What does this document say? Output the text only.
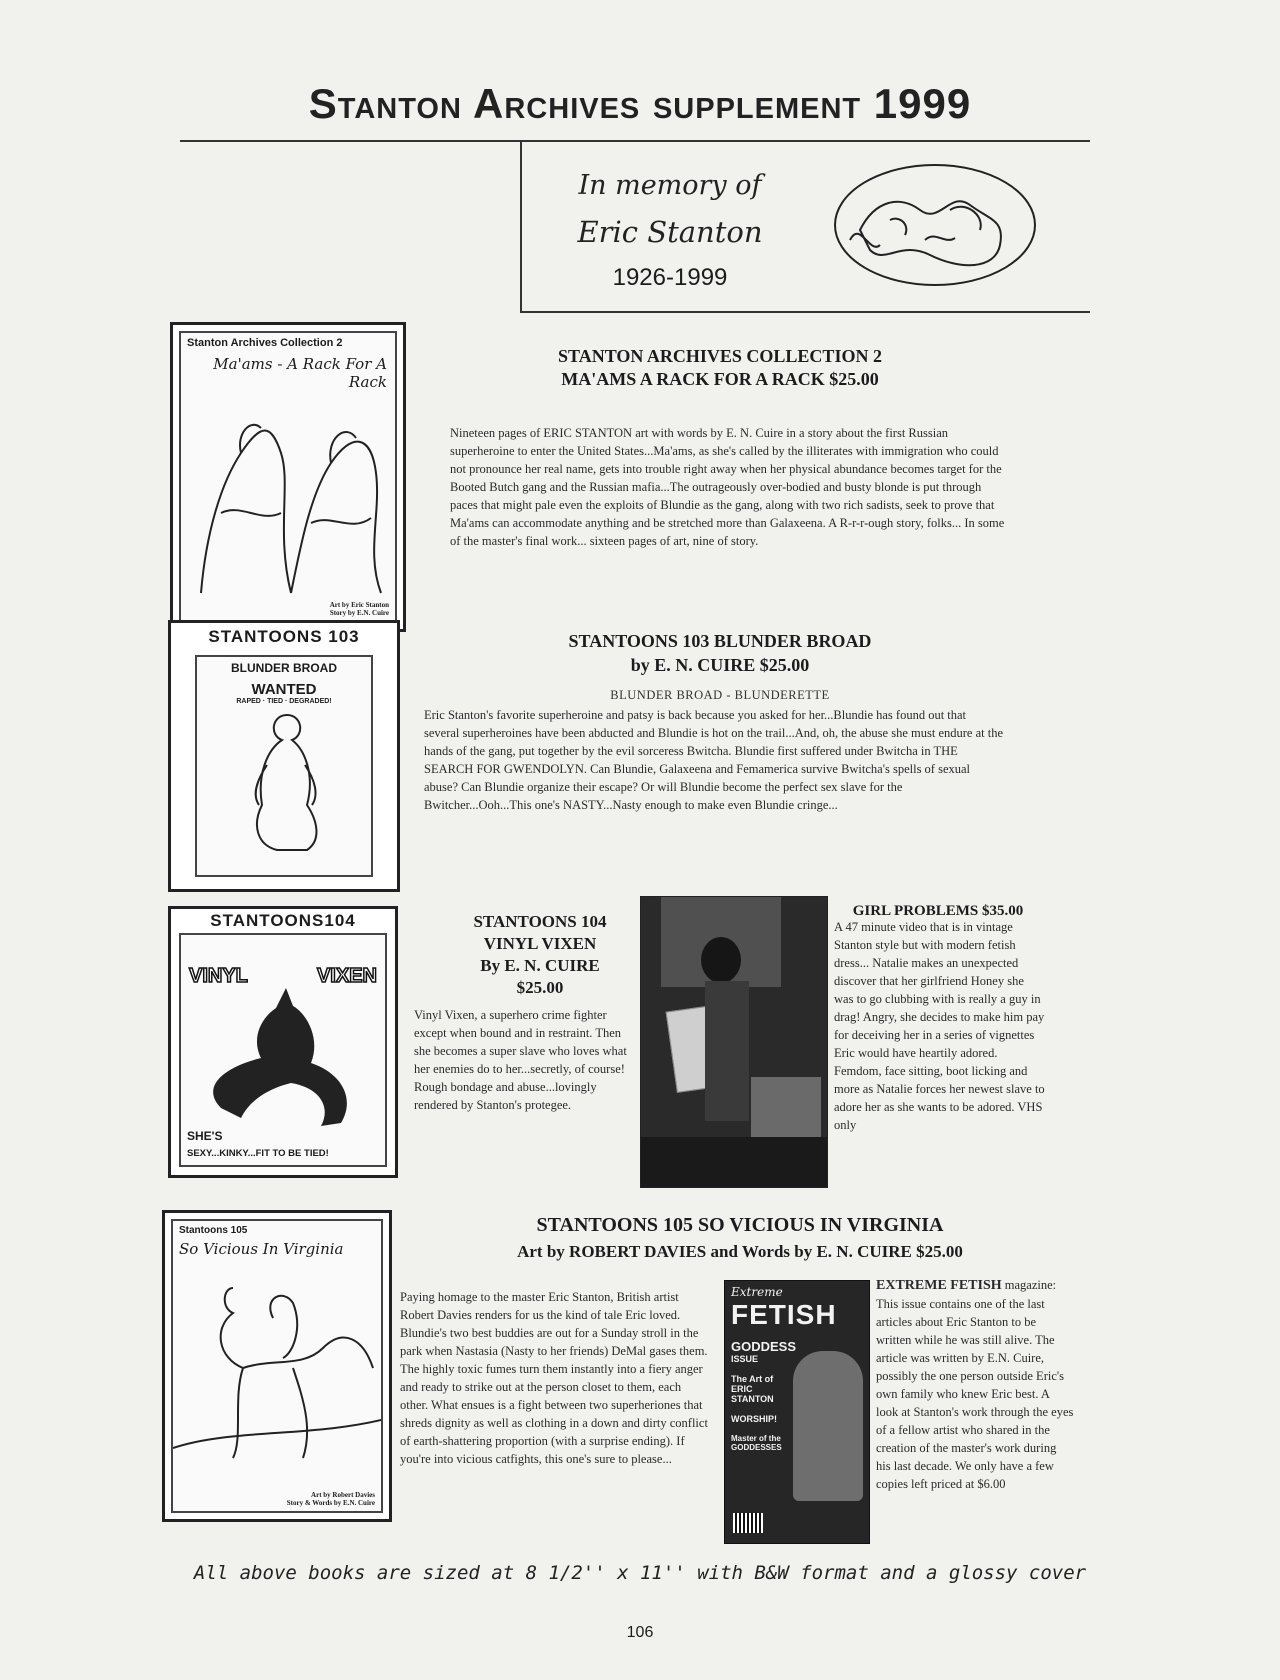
Stanton Archives supplement 1999
In memory of
Eric Stanton
1926-1999
Stanton Archives Collection 2
Ma'ams - A Rack For A Rack
Art by Eric Stanton
Story by E.N. Cuire
STANTON ARCHIVES COLLECTION 2
MA'AMS A RACK FOR A RACK $25.00
Nineteen pages of ERIC STANTON art with words by E. N. Cuire in a story about the first Russian superheroine to enter the United States...Ma'ams, as she's called by the illiterates with immigration who could not pronounce her real name, gets into trouble right away when her physical abundance becomes target for the Booted Butch gang and the Russian mafia...The outrageously over-bodied and busty blonde is put through paces that might pale even the exploits of Blundie as the gang, along with two rich sadists, seek to prove that Ma'ams can accommodate anything and be stretched more than Galaxeena. A R-r-r-ough story, folks... In some of the master's final work... sixteen pages of art, nine of story.
STANTOONS 103
BLUNDER BROAD
WANTED
RAPED · TIED · DEGRADED!
STANTOONS 103 BLUNDER BROAD
by E. N. CUIRE $25.00
BLUNDER BROAD - BLUNDERETTE
Eric Stanton's favorite superheroine and patsy is back because you asked for her...Blundie has found out that several superheroines have been abducted and Blundie is hot on the trail...And, oh, the abuse she must endure at the hands of the gang, put together by the evil sorceress Bwitcha. Blundie first suffered under Bwitcha in THE SEARCH FOR GWENDOLYN. Can Blundie, Galaxeena and Femamerica survive Bwitcha's spells of sexual abuse? Can Blundie organize their escape? Or will Blundie become the perfect sex slave for the Bwitcher...Ooh...This one's NASTY...Nasty enough to make even Blundie cringe...
STANTOONS104
VINYL	VIXEN
SHE'S
SEXY...KINKY...FIT TO BE TIED!
STANTOONS 104
VINYL VIXEN
By E. N. CUIRE
$25.00
Vinyl Vixen, a superhero crime fighter except when bound and in restraint. Then she becomes a super slave who loves what her enemies do to her...secretly, of course! Rough bondage and abuse...lovingly rendered by Stanton's protegee.
GIRL PROBLEMS $35.00
A 47 minute video that is in vintage Stanton style but with modern fetish dress... Natalie makes an unexpected discover that her girlfriend Honey she was to go clubbing with is really a guy in drag! Angry, she decides to make him pay for deceiving her in a series of vignettes Eric would have heartily adored. Femdom, face sitting, boot licking and more as Natalie forces her newest slave to adore her as she wants to be adored. VHS only
Stantoons 105
So Vicious In Virginia
Art by Robert Davies
Story & Words by E.N. Cuire
STANTOONS 105 SO VICIOUS IN VIRGINIA
Art by ROBERT DAVIES and Words by E. N. CUIRE $25.00
Paying homage to the master Eric Stanton, British artist Robert Davies renders for us the kind of tale Eric loved. Blundie's two best buddies are out for a Sunday stroll in the park when Nastasia (Nasty to her friends) DeMal gases them. The highly toxic fumes turn them instantly into a fiery anger and ready to strike out at the person closet to them, each other. What ensues is a fight between two superheriones that shreds dignity as well as clothing in a down and dirty conflict of earth-shattering proportion (with a surprise ending). If you're into vicious catfights, this one's sure to please...
Extreme
FETISH
GODDESS
ISSUE
The Art of ERIC STANTON
WORSHIP!
Master of the GODDESSES
EXTREME FETISH magazine: This issue contains one of the last articles about Eric Stanton to be written while he was still alive. The article was written by E.N. Cuire, possibly the one person outside Eric's own family who knew Eric best. A look at Stanton's work through the eyes of a fellow artist who shared in the creation of the master's work during his last decade. We only have a few copies left priced at $6.00
All above books are sized at 8 1/2'' x 11'' with B&W format and a glossy cover
106
